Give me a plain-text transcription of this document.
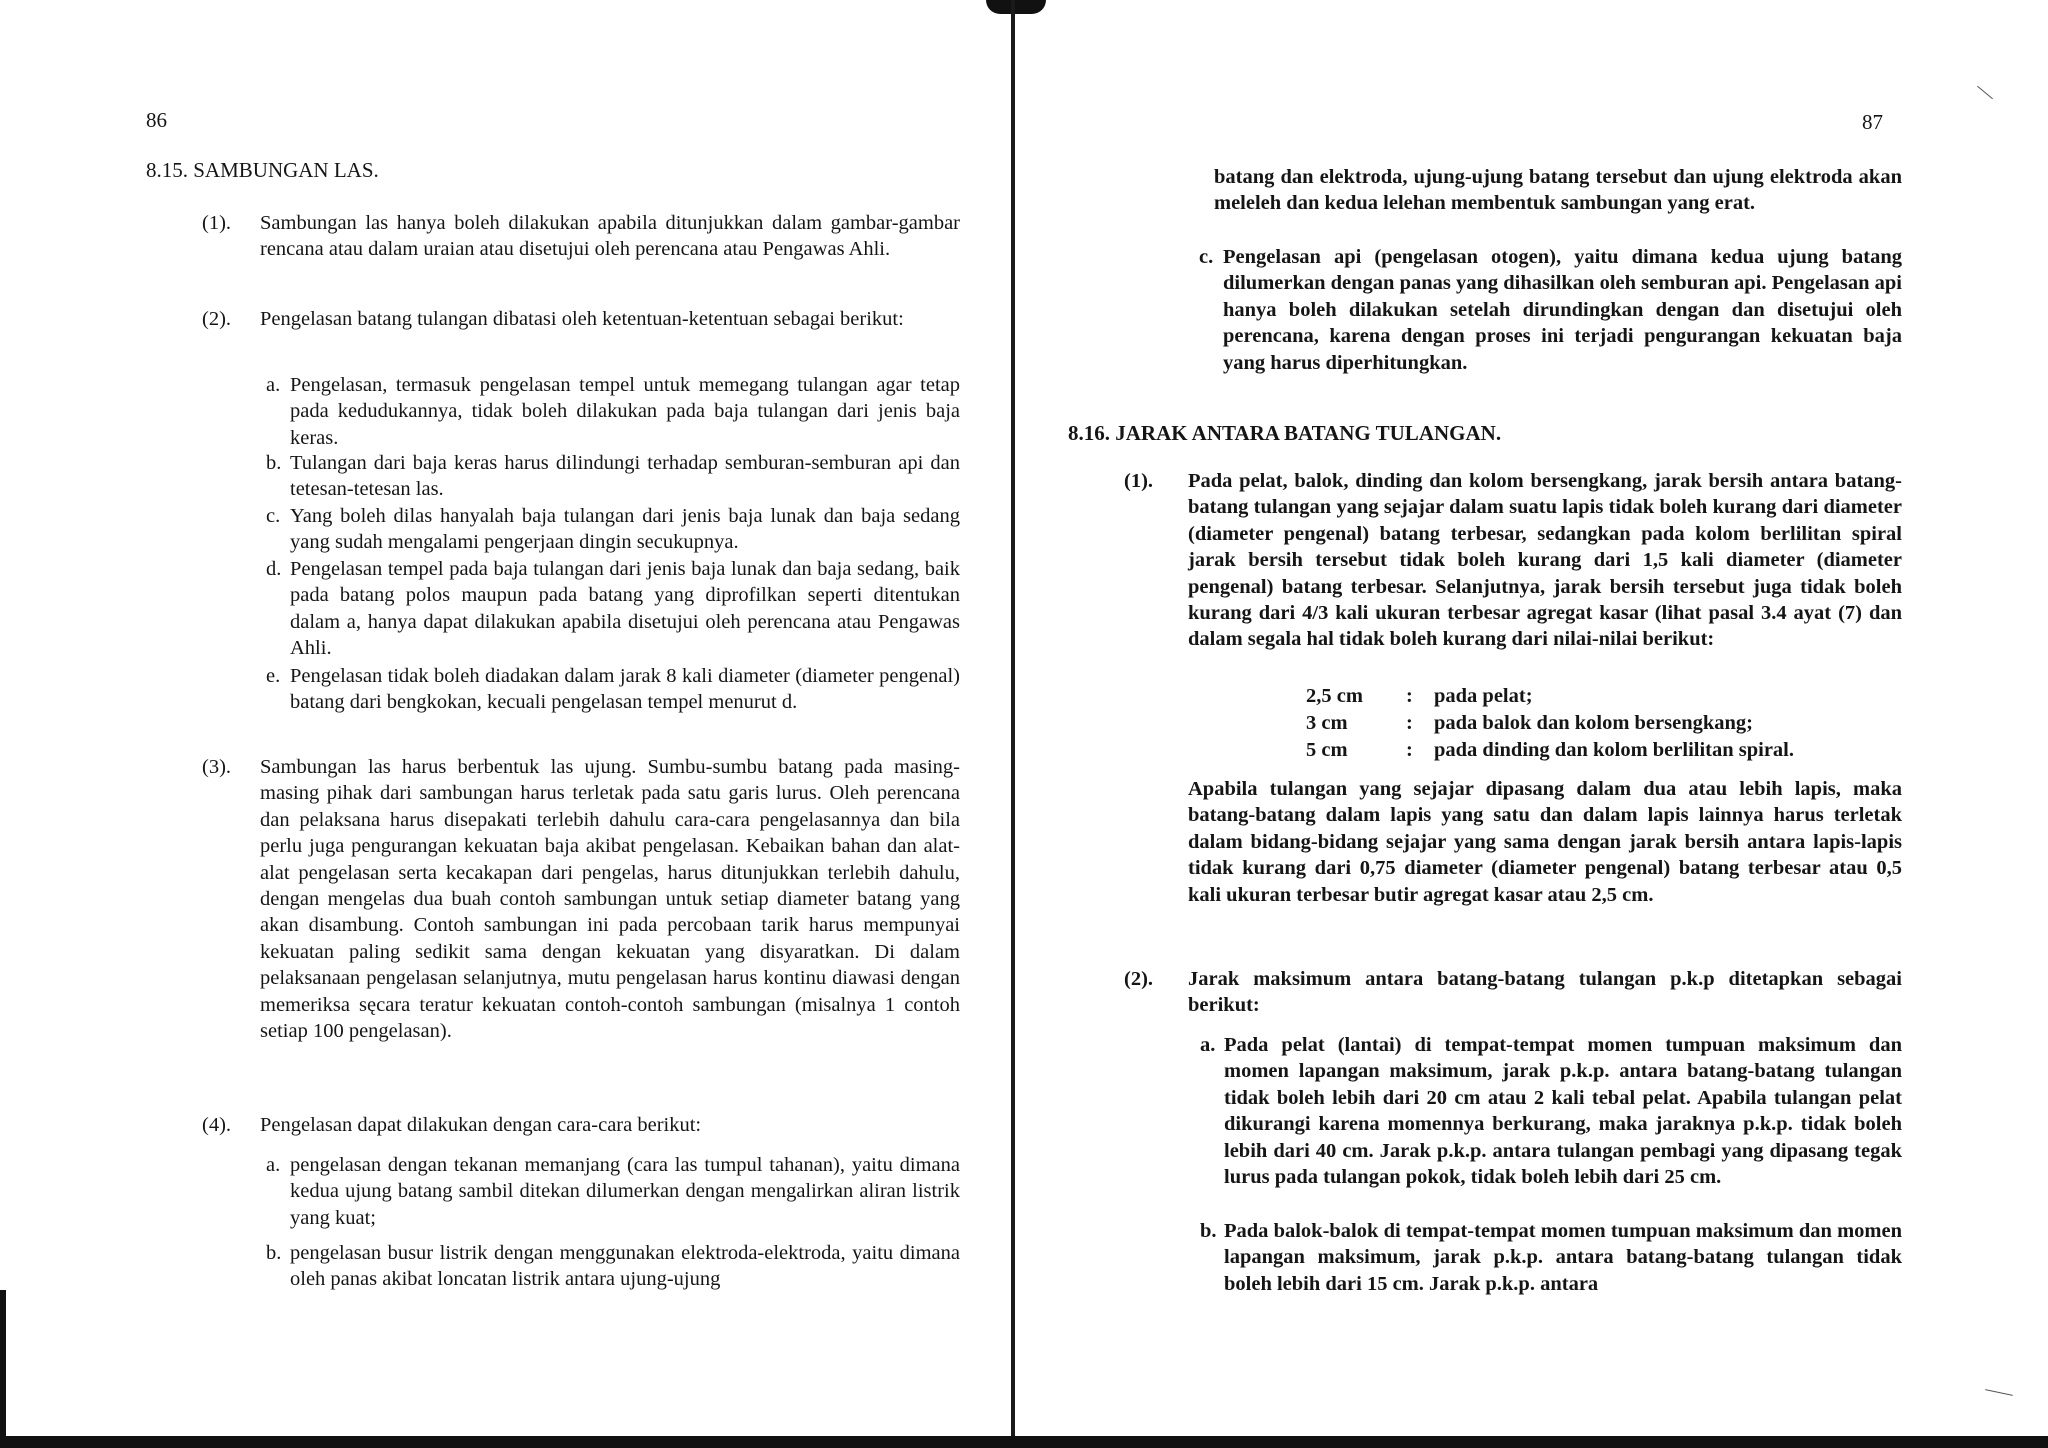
86
8.15. SAMBUNGAN LAS.
(1). Sambungan las hanya boleh dilakukan apabila ditunjukkan dalam gambar-gambar rencana atau dalam uraian atau disetujui oleh perencana atau Pengawas Ahli.
(2). Pengelasan batang tulangan dibatasi oleh ketentuan-ketentuan sebagai berikut:
a. Pengelasan, termasuk pengelasan tempel untuk memegang tulangan agar tetap pada kedudukannya, tidak boleh dilakukan pada baja tulangan dari jenis baja keras.
b. Tulangan dari baja keras harus dilindungi terhadap semburan-semburan api dan tetesan-tetesan las.
c. Yang boleh dilas hanyalah baja tulangan dari jenis baja lunak dan baja sedang yang sudah mengalami pengerjaan dingin secukupnya.
d. Pengelasan tempel pada baja tulangan dari jenis baja lunak dan baja sedang, baik pada batang polos maupun pada batang yang diprofilkan seperti ditentukan dalam a, hanya dapat dilakukan apabila disetujui oleh perencana atau Pengawas Ahli.
e. Pengelasan tidak boleh diadakan dalam jarak 8 kali diameter (diameter pengenal) batang dari bengkokan, kecuali pengelasan tempel menurut d.
(3). Sambungan las harus berbentuk las ujung. Sumbu-sumbu batang pada masing-masing pihak dari sambungan harus terletak pada satu garis lurus. Oleh perencana dan pelaksana harus disepakati terlebih dahulu cara-cara pengelasannya dan bila perlu juga pengurangan kekuatan baja akibat pengelasan. Kebaikan bahan dan alat-alat pengelasan serta kecakapan dari pengelas, harus ditunjukkan terlebih dahulu, dengan mengelas dua buah contoh sambungan untuk setiap diameter batang yang akan disambung. Contoh sambungan ini pada percobaan tarik harus mempunyai kekuatan paling sedikit sama dengan kekuatan yang disyaratkan. Di dalam pelaksanaan pengelasan selanjutnya, mutu pengelasan harus kontinu diawasi dengan memeriksa sęcara teratur kekuatan contoh-contoh sambungan (misalnya 1 contoh setiap 100 pengelasan).
(4). Pengelasan dapat dilakukan dengan cara-cara berikut:
a. pengelasan dengan tekanan memanjang (cara las tumpul tahanan), yaitu dimana kedua ujung batang sambil ditekan dilumerkan dengan mengalirkan aliran listrik yang kuat;
b. pengelasan busur listrik dengan menggunakan elektroda-elektroda, yaitu dimana oleh panas akibat loncatan listrik antara ujung-ujung
87
batang dan elektroda, ujung-ujung batang tersebut dan ujung elektroda akan meleleh dan kedua lelehan membentuk sambungan yang erat.
c. Pengelasan api (pengelasan otogen), yaitu dimana kedua ujung batang dilumerkan dengan panas yang dihasilkan oleh semburan api. Pengelasan api hanya boleh dilakukan setelah dirundingkan dengan dan disetujui oleh perencana, karena dengan proses ini terjadi pengurangan kekuatan baja yang harus diperhitungkan.
8.16. JARAK ANTARA BATANG TULANGAN.
(1). Pada pelat, balok, dinding dan kolom bersengkang, jarak bersih antara batang-batang tulangan yang sejajar dalam suatu lapis tidak boleh kurang dari diameter (diameter pengenal) batang terbesar, sedangkan pada kolom berlilitan spiral jarak bersih tersebut tidak boleh kurang dari 1,5 kali diameter (diameter pengenal) batang terbesar. Selanjutnya, jarak bersih tersebut juga tidak boleh kurang dari 4/3 kali ukuran terbesar agregat kasar (lihat pasal 3.4 ayat (7) dan dalam segala hal tidak boleh kurang dari nilai-nilai berikut:
2,5 cm : pada pelat;
3 cm	: pada balok dan kolom bersengkang;
5 cm	: pada dinding dan kolom berlilitan spiral.
Apabila tulangan yang sejajar dipasang dalam dua atau lebih lapis, maka batang-batang dalam lapis yang satu dan dalam lapis lainnya harus terletak dalam bidang-bidang sejajar yang sama dengan jarak bersih antara lapis-lapis tidak kurang dari 0,75 diameter (diameter pengenal) batang terbesar atau 0,5 kali ukuran terbesar butir agregat kasar atau 2,5 cm.
(2). Jarak maksimum antara batang-batang tulangan p.k.p ditetapkan sebagai berikut:
a. Pada pelat (lantai) di tempat-tempat momen tumpuan maksimum dan momen lapangan maksimum, jarak p.k.p. antara batang-batang tulangan tidak boleh lebih dari 20 cm atau 2 kali tebal pelat. Apabila tulangan pelat dikurangi karena momennya berkurang, maka jaraknya p.k.p. tidak boleh lebih dari 40 cm. Jarak p.k.p. antara tulangan pembagi yang dipasang tegak lurus pada tulangan pokok, tidak boleh lebih dari 25 cm.
b. Pada balok-balok di tempat-tempat momen tumpuan maksimum dan momen lapangan maksimum, jarak p.k.p. antara batang-batang tulangan tidak boleh lebih dari 15 cm. Jarak p.k.p. antara
